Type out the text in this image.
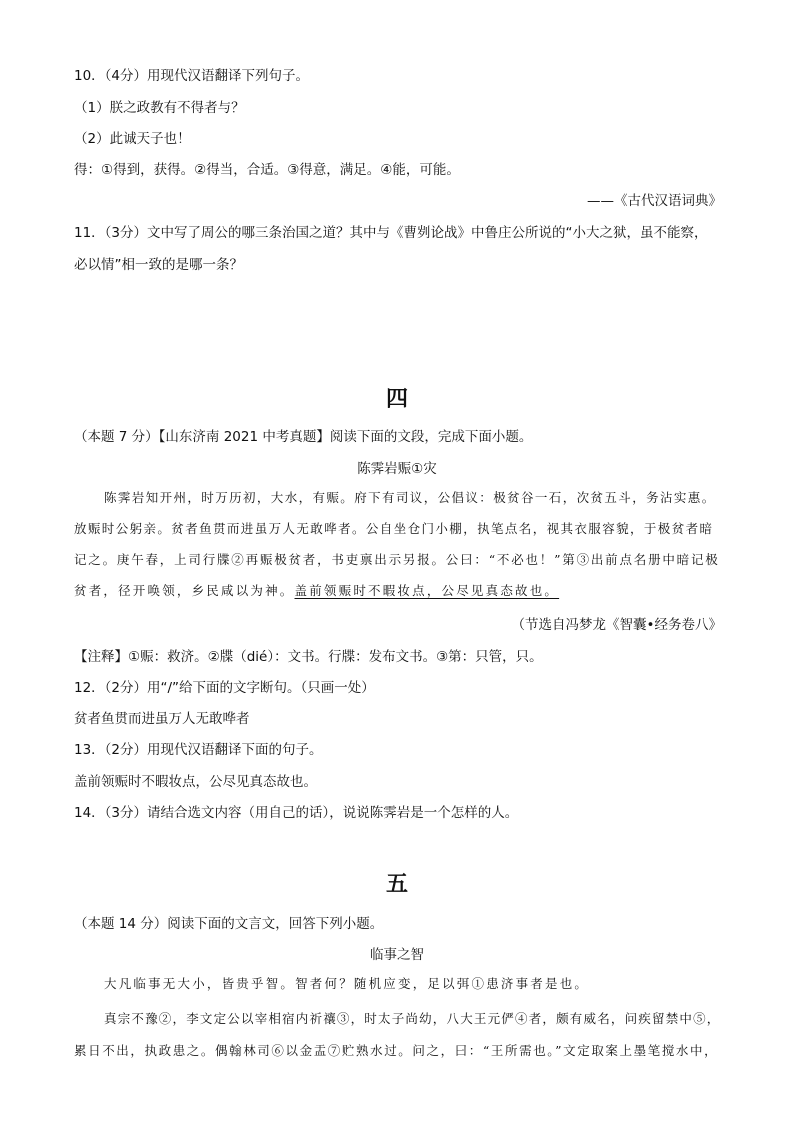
10．（4分）用现代汉语翻译下列句子。
（1）朕之政教有不得者与？
（2）此诚天子也！
得：①得到，获得。②得当，合适。③得意，满足。④能，可能。
——《古代汉语词典》
11．（3分）文中写了周公的哪三条治国之道？其中与《曹刿论战》中鲁庄公所说的“小大之狱，虽不能察，
必以情”相一致的是哪一条？
四
（本题 7 分）【山东济南 2021 中考真题】阅读下面的文段，完成下面小题。
陈霁岩赈①灾
陈霁岩知开州，时万历初，大水，有赈。府下有司议，公倡议：极贫谷一石，次贫五斗，务沾实惠。
放赈时公躬亲。贫者鱼贯而进虽万人无敢哗者。公自坐仓门小棚，执笔点名，视其衣服容貌，于极贫者暗
记之。庚午春，上司行牒②再赈极贫者，书吏禀出示另报。公曰：“不必也！”第③出前点名册中暗记极
贫者，径开唤领，乡民咸以为神。盖前领赈时不暇妆点，公尽见真态故也。
（节选自冯梦龙《智囊•经务卷八》
【注释】①赈：救济。②牒（dié）：文书。行牒：发布文书。③第：只管，只。
12．（2分）用“/”给下面的文字断句。（只画一处）
贫者鱼贯而进虽万人无敢哗者
13．（2分）用现代汉语翻译下面的句子。
盖前领赈时不暇妆点，公尽见真态故也。
14．（3分）请结合选文内容（用自己的话），说说陈霁岩是一个怎样的人。
五
（本题 14 分）阅读下面的文言文，回答下列小题。
临事之智
大凡临事无大小，皆贵乎智。智者何？随机应变，足以弭①患济事者是也。
真宗不豫②，李文定公以宰相宿内祈禳③，时太子尚幼，八大王元俨④者，颇有威名，问疾留禁中⑤，
累日不出，执政患之。偶翰林司⑥以金盂⑦贮熟水过。问之，曰：“王所需也。”文定取案上墨笔搅水中，
